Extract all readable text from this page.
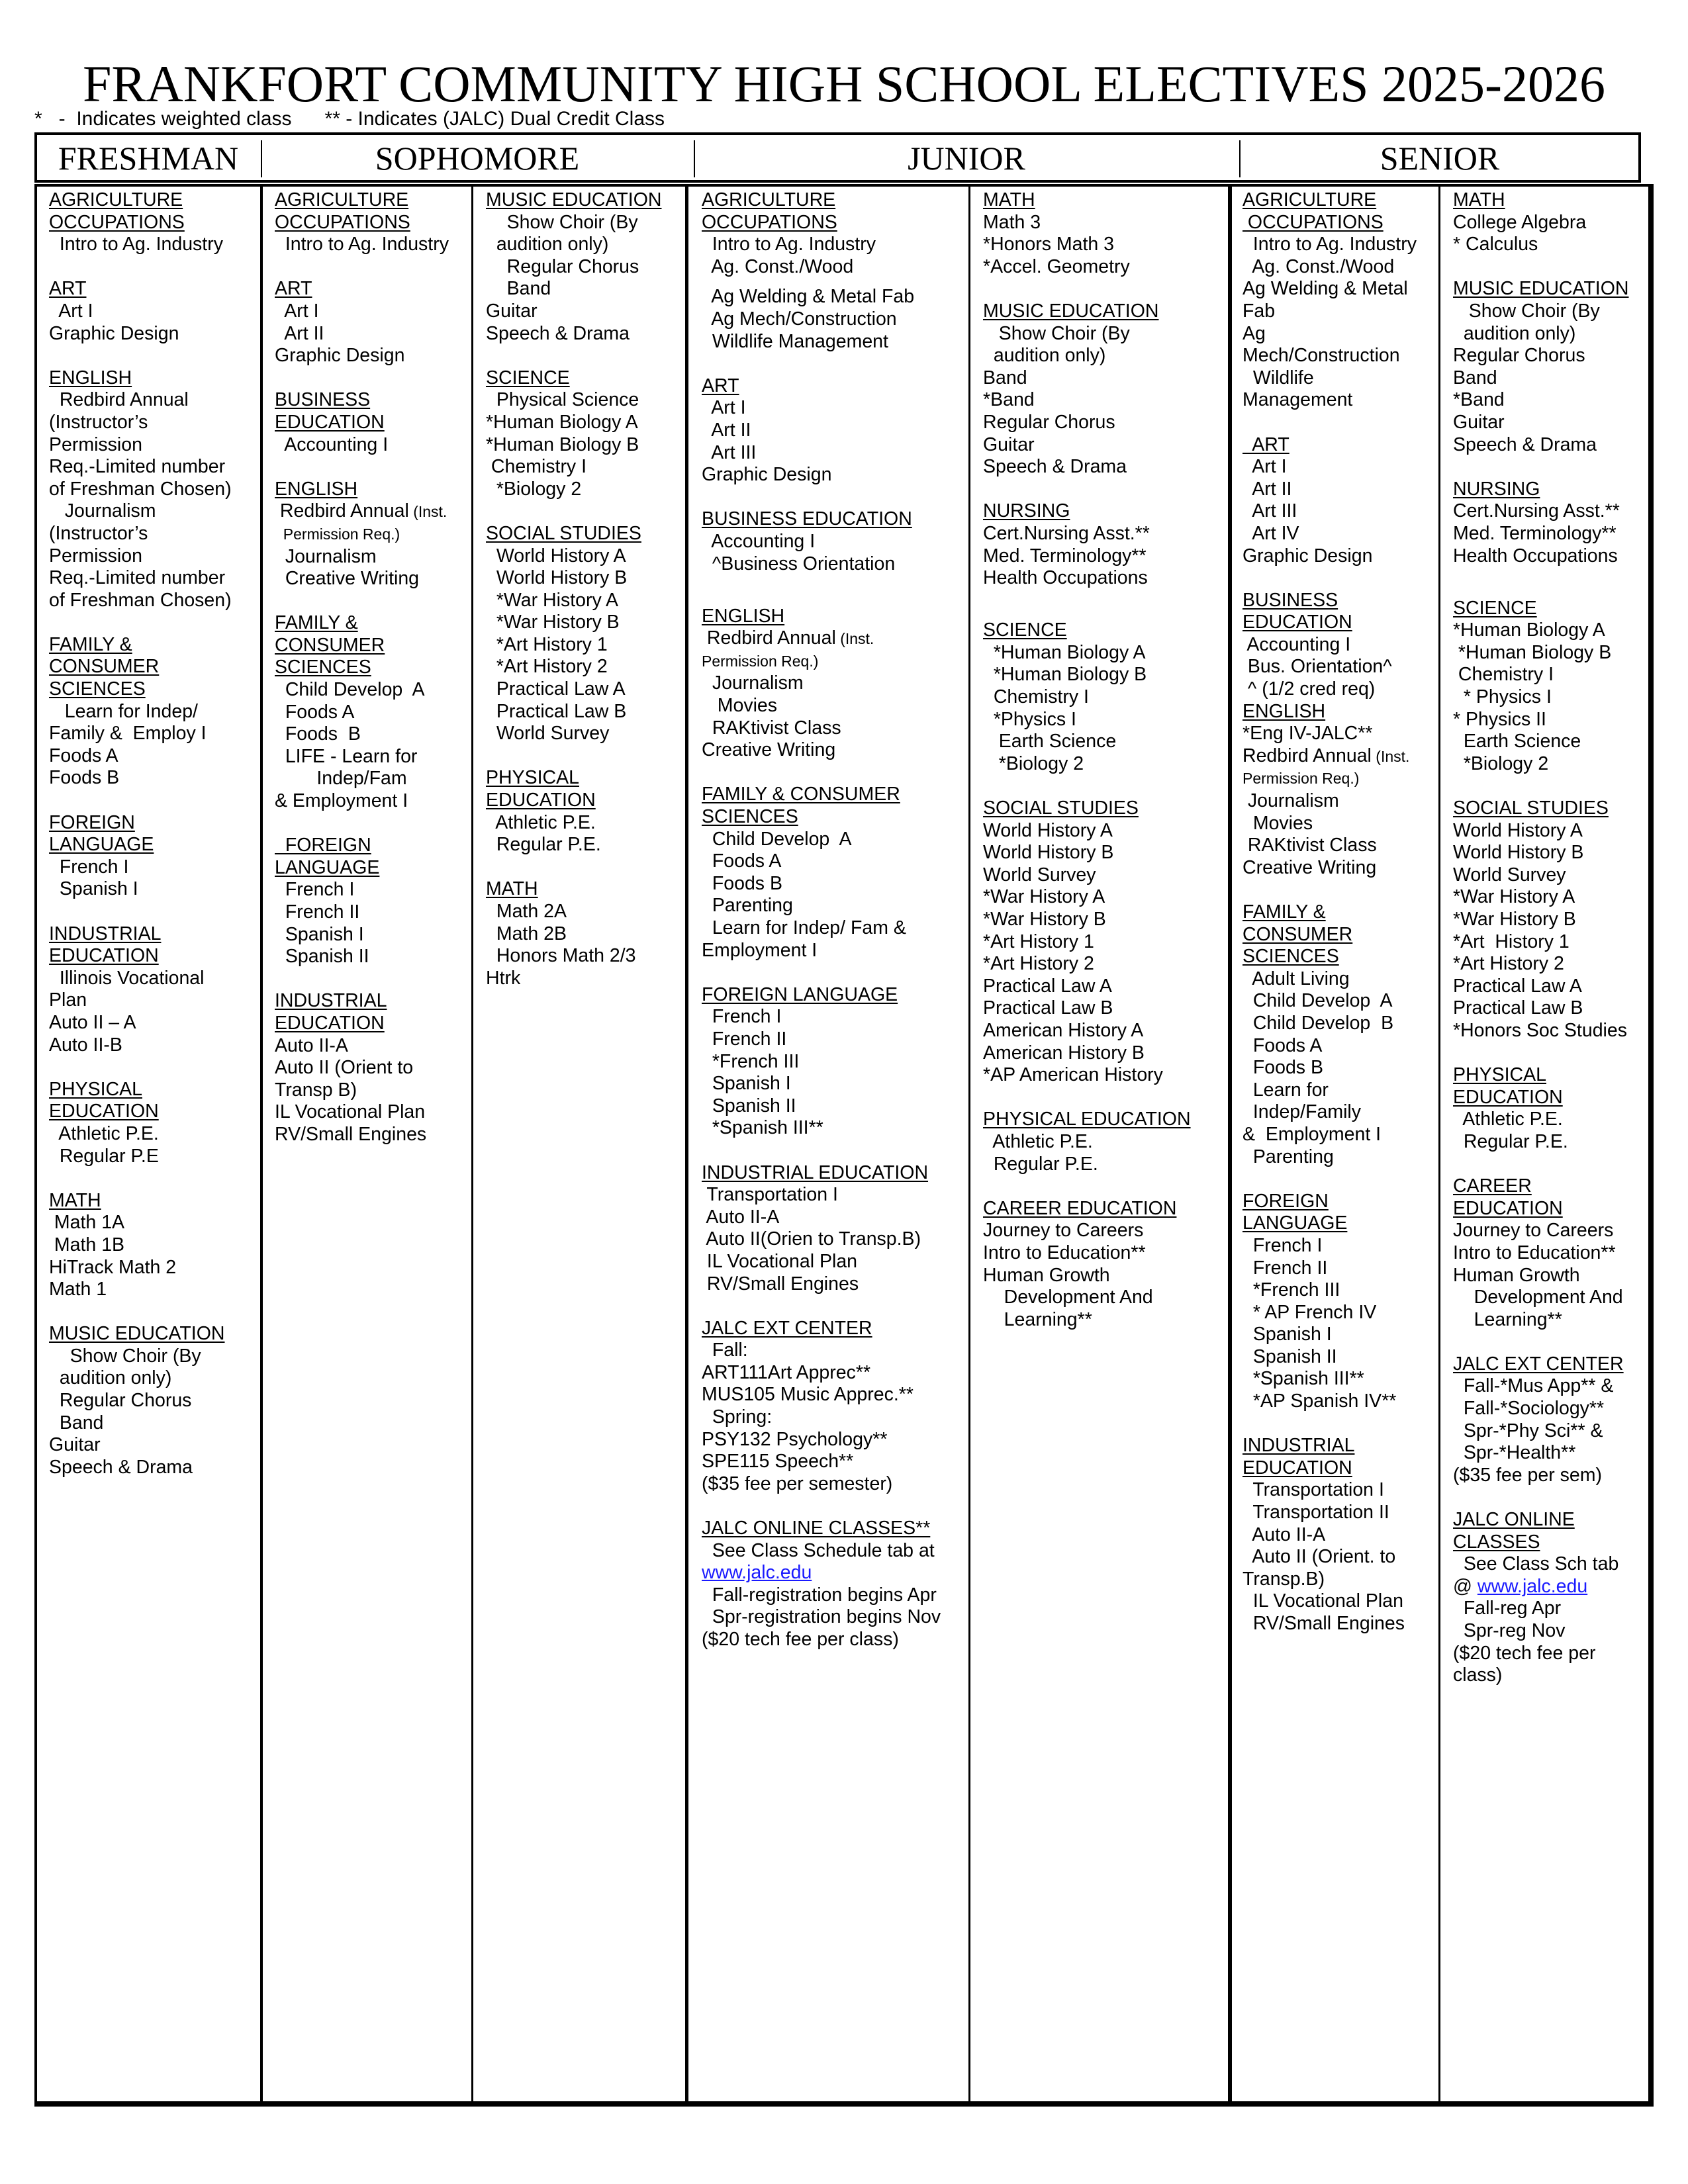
FRANKFORT COMMUNITY HIGH SCHOOL ELECTIVES 2025-2026
*   -  Indicates weighted class      ** - Indicates (JALC) Dual Credit Class
FRESHMAN	SOPHOMORE	JUNIOR	SENIOR
AGRICULTURE
OCCUPATIONS
Intro to Ag. Industry
ART
Art I
Graphic Design
ENGLISH
Redbird Annual
(Instructor’s
Permission
Req.-Limited number
of Freshman Chosen)
Journalism
(Instructor’s
Permission
Req.-Limited number
of Freshman Chosen)
FAMILY &
CONSUMER
SCIENCES
Learn for Indep/
Family &  Employ I
Foods A
Foods B
FOREIGN
LANGUAGE
French I
Spanish I
INDUSTRIAL
EDUCATION
Illinois Vocational
Plan
Auto II – A
Auto II-B
PHYSICAL
EDUCATION
Athletic P.E.
Regular P.E
MATH
Math 1A
Math 1B
HiTrack Math 2
Math 1
MUSIC EDUCATION
Show Choir (By
audition only)
Regular Chorus
Band
Guitar
Speech & Drama
AGRICULTURE
OCCUPATIONS
Intro to Ag. Industry
ART
Art I
Art II
Graphic Design
BUSINESS
EDUCATION
Accounting I
ENGLISH
Redbird Annual (Inst.
Permission Req.)
Journalism
Creative Writing
FAMILY &
CONSUMER
SCIENCES
Child Develop  A
Foods A
Foods  B
LIFE - Learn for
Indep/Fam
& Employment I
FOREIGN
LANGUAGE
French I
French II
Spanish I
Spanish II
INDUSTRIAL
EDUCATION
Auto II-A
Auto II (Orient to
Transp B)
IL Vocational Plan
RV/Small Engines
MUSIC EDUCATION
Show Choir (By
audition only)
Regular Chorus
Band
Guitar
Speech & Drama
SCIENCE
Physical Science
*Human Biology A
*Human Biology B
Chemistry I
*Biology 2
SOCIAL STUDIES
World History A
World History B
*War History A
*War History B
*Art History 1
*Art History 2
Practical Law A
Practical Law B
World Survey
PHYSICAL
EDUCATION
Athletic P.E.
Regular P.E.
MATH
Math 2A
Math 2B
Honors Math 2/3
Htrk
AGRICULTURE
OCCUPATIONS
Intro to Ag. Industry
Ag. Const./Wood
Ag Welding & Metal Fab
Ag Mech/Construction
Wildlife Management
ART
Art I
Art II
Art III
Graphic Design
BUSINESS EDUCATION
Accounting I
^Business Orientation
ENGLISH
Redbird Annual (Inst.
Permission Req.)
Journalism
Movies
RAKtivist Class
Creative Writing
FAMILY & CONSUMER
SCIENCES
Child Develop  A
Foods A
Foods B
Parenting
Learn for Indep/ Fam &
Employment I
FOREIGN LANGUAGE
French I
French II
*French III
Spanish I
Spanish II
*Spanish III**
INDUSTRIAL EDUCATION
Transportation I
Auto II-A
Auto II(Orien to Transp.B)
IL Vocational Plan
RV/Small Engines
JALC EXT CENTER
Fall:
ART111Art Apprec**
MUS105 Music Apprec.**
Spring:
PSY132 Psychology**
SPE115 Speech**
($35 fee per semester)
JALC ONLINE CLASSES**
See Class Schedule tab at
www.jalc.edu
Fall-registration begins Apr
Spr-registration begins Nov
($20 tech fee per class)
MATH
Math 3
*Honors Math 3
*Accel. Geometry
MUSIC EDUCATION
Show Choir (By
audition only)
Band
*Band
Regular Chorus
Guitar
Speech & Drama
NURSING
Cert.Nursing Asst.**
Med. Terminology**
Health Occupations
SCIENCE
*Human Biology A
*Human Biology B
Chemistry I
*Physics I
Earth Science
*Biology 2
SOCIAL STUDIES
World History A
World History B
World Survey
*War History A
*War History B
*Art History 1
*Art History 2
Practical Law A
Practical Law B
American History A
American History B
*AP American History
PHYSICAL EDUCATION
Athletic P.E.
Regular P.E.
CAREER EDUCATION
Journey to Careers
Intro to Education**
Human Growth
Development And
Learning**
AGRICULTURE
OCCUPATIONS
Intro to Ag. Industry
Ag. Const./Wood
Ag Welding & Metal
Fab
Ag
Mech/Construction
Wildlife
Management
ART
Art I
Art II
Art III
Art IV
Graphic Design
BUSINESS
EDUCATION
Accounting I
Bus. Orientation^
^ (1/2 cred req)
ENGLISH
*Eng IV-JALC**
Redbird Annual (Inst.
Permission Req.)
Journalism
Movies
RAKtivist Class
Creative Writing
FAMILY &
CONSUMER
SCIENCES
Adult Living
Child Develop  A
Child Develop  B
Foods A
Foods B
Learn for
Indep/Family
&  Employment I
Parenting
FOREIGN
LANGUAGE
French I
French II
*French III
* AP French IV
Spanish I
Spanish II
*Spanish III**
*AP Spanish IV**
INDUSTRIAL
EDUCATION
Transportation I
Transportation II
Auto II-A
Auto II (Orient. to
Transp.B)
IL Vocational Plan
RV/Small Engines
MATH
College Algebra
* Calculus
MUSIC EDUCATION
Show Choir (By
audition only)
Regular Chorus
Band
*Band
Guitar
Speech & Drama
NURSING
Cert.Nursing Asst.**
Med. Terminology**
Health Occupations
SCIENCE
*Human Biology A
*Human Biology B
Chemistry I
* Physics I
* Physics II
Earth Science
*Biology 2
SOCIAL STUDIES
World History A
World History B
World Survey
*War History A
*War History B
*Art  History 1
*Art History 2
Practical Law A
Practical Law B
*Honors Soc Studies
PHYSICAL
EDUCATION
Athletic P.E.
Regular P.E.
CAREER
EDUCATION
Journey to Careers
Intro to Education**
Human Growth
Development And
Learning**
JALC EXT CENTER
Fall-*Mus App** &
Fall-*Sociology**
Spr-*Phy Sci** &
Spr-*Health**
($35 fee per sem)
JALC ONLINE
CLASSES
See Class Sch tab
@ www.jalc.edu
Fall-reg Apr
Spr-reg Nov
($20 tech fee per
class)
